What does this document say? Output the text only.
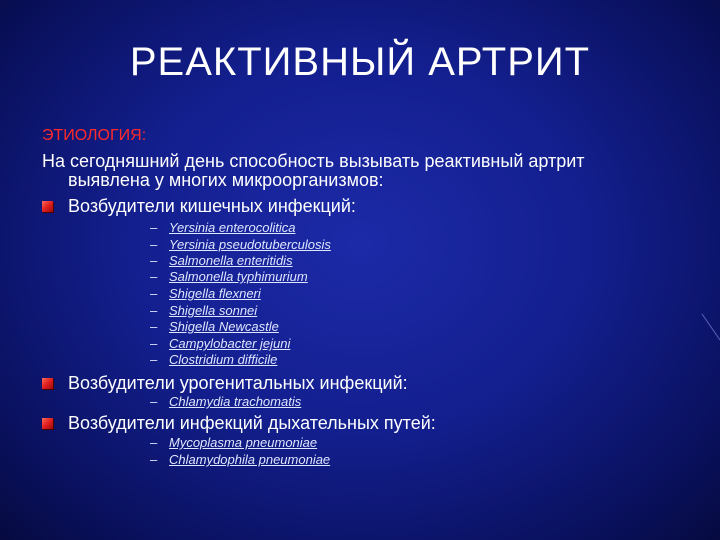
РЕАКТИВНЫЙ АРТРИТ
ЭТИОЛОГИЯ:
На сегодняшний день способность вызывать реактивный артрит
выявлена у многих микроорганизмов:
Возбудители кишечных инфекций:
– Yersinia enterocolitica
– Yersinia pseudotuberculosis
– Salmonella enteritidis
– Salmonella typhimurium
– Shigella flexneri
– Shigella sonnei
– Shigella Newcastle
– Campylobacter jejuni
– Clostridium difficile
Возбудители урогенитальных инфекций:
– Chlamydia trachomatis
Возбудители инфекций дыхательных путей:
– Mycoplasma pneumoniae
– Chlamydophila pneumoniae
